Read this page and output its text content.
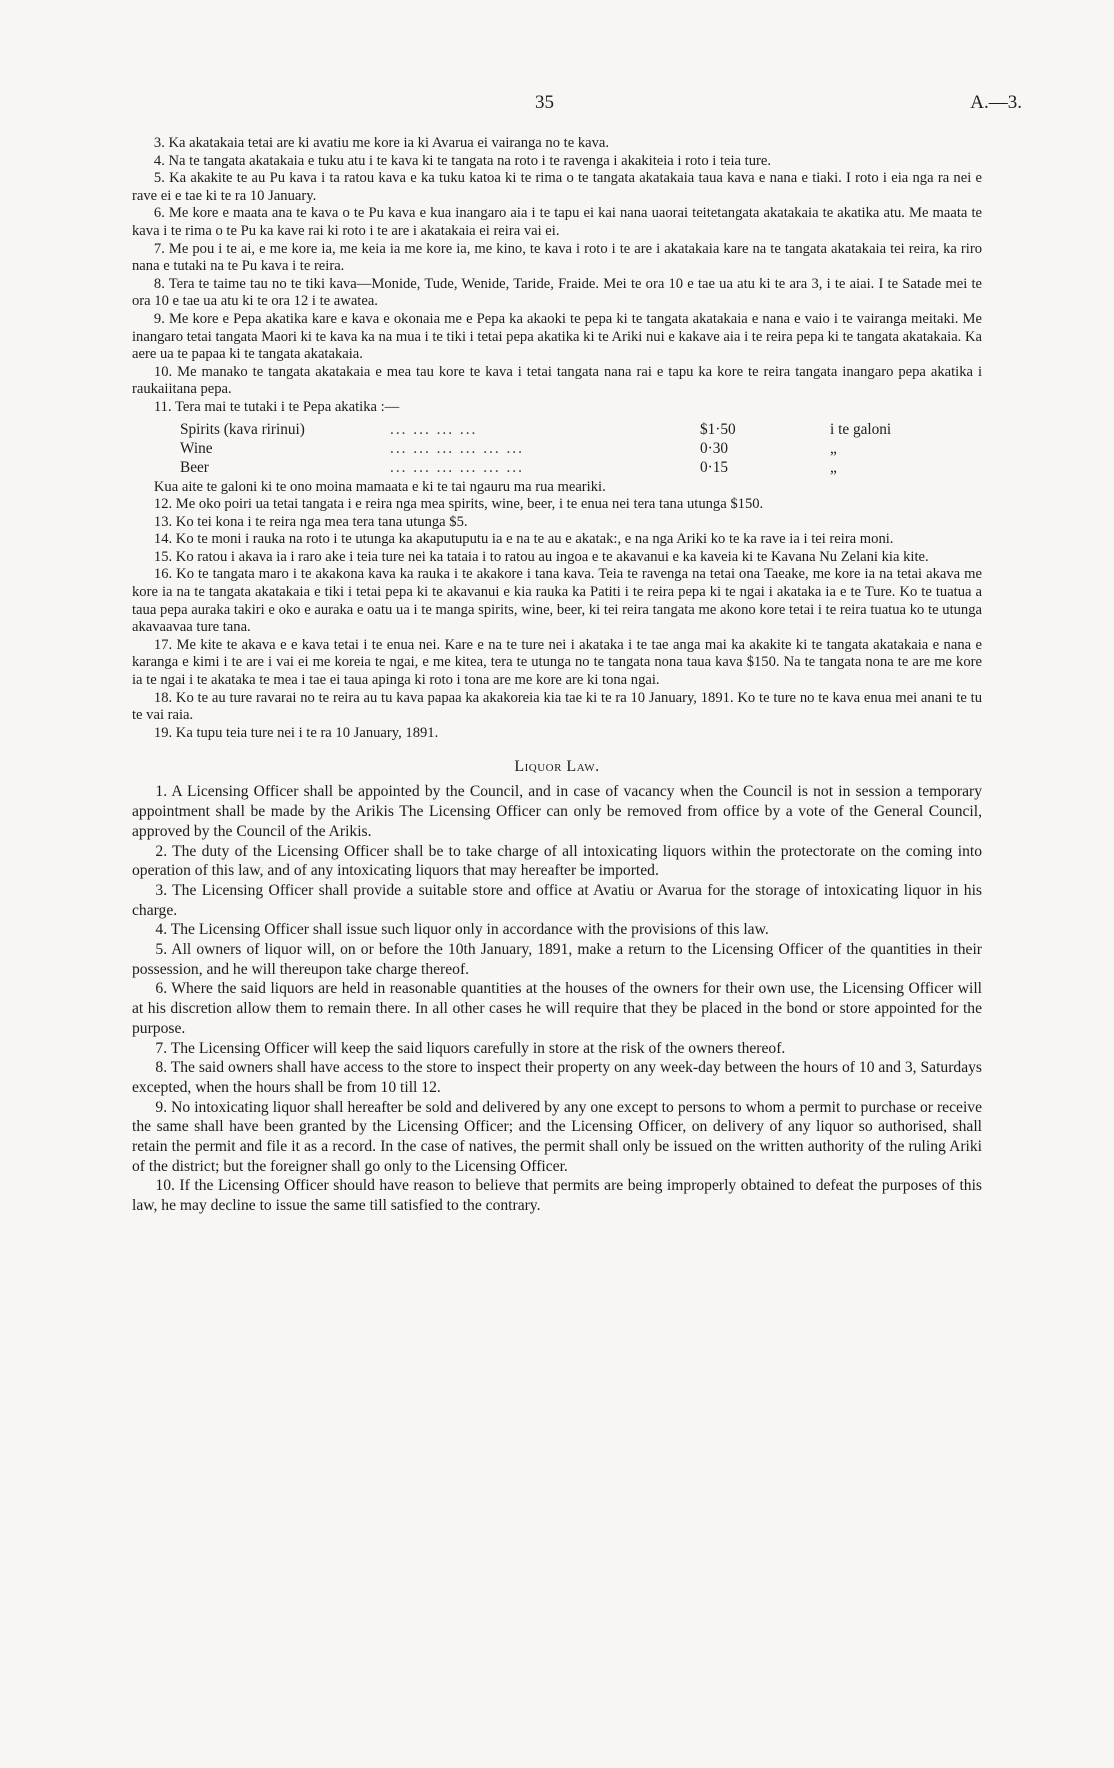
35	A.—3.

3. Ka akatakaia tetai are ki avatiu me kore ia ki Avarua ei vairanga no te kava.

4. Na te tangata akatakaia e tuku atu i te kava ki te tangata na roto i te ravenga i akakiteia i roto i teia ture.

5. Ka akakite te au Pu kava i ta ratou kava e ka tuku katoa ki te rima o te tangata akatakaia taua kava e nana e tiaki. I roto i eia nga ra nei e rave ei e tae ki te ra 10 January.

6. Me kore e maata ana te kava o te Pu kava e kua inangaro aia i te tapu ei kai nana uaorai teitetangata akatakaia te akatika atu. Me maata te kava i te rima o te Pu ka kave rai ki roto i te are i akatakaia ei reira vai ei.

7. Me pou i te ai, e me kore ia, me keia ia me kore ia, me kino, te kava i roto i te are i akatakaia kare na te tangata akatakaia tei reira, ka riro nana e tutaki na te Pu kava i te reira.

8. Tera te taime tau no te tiki kava—Monide, Tude, Wenide, Taride, Fraide. Mei te ora 10 e tae ua atu ki te ara 3, i te aiai. I te Satade mei te ora 10 e tae ua atu ki te ora 12 i te awatea.

9. Me kore e Pepa akatika kare e kava e okonaia me e Pepa ka akaoki te pepa ki te tangata akatakaia e nana e vaio i te vairanga meitaki. Me inangaro tetai tangata Maori ki te kava ka na mua i te tiki i tetai pepa akatika ki te Ariki nui e kakave aia i te reira pepa ki te tangata akatakaia. Ka aere ua te papaa ki te tangata akatakaia.

10. Me manako te tangata akatakaia e mea tau kore te kava i tetai tangata nana rai e tapu ka kore te reira tangata inangaro pepa akatika i raukaiitana pepa.

11. Tera mai te tutaki i te Pepa akatika :—

Spirits (kava ririnui)	... ... ... ...	$1·50	i te galoni
Wine	... ... ... ... ... ...	0·30	„
Beer	... ... ... ... ... ...	0·15	„

Kua aite te galoni ki te ono moina mamaata e ki te tai ngauru ma rua meariki.

12. Me oko poiri ua tetai tangata i e reira nga mea spirits, wine, beer, i te enua nei tera tana utunga $150.

13. Ko tei kona i te reira nga mea tera tana utunga $5.

14. Ko te moni i rauka na roto i te utunga ka akaputuputu ia e na te au e akatak:, e na nga Ariki ko te ka rave ia i tei reira moni.

15. Ko ratou i akava ia i raro ake i teia ture nei ka tataia i to ratou au ingoa e te akavanui e ka kaveia ki te Kavana Nu Zelani kia kite.

16. Ko te tangata maro i te akakona kava ka rauka i te akakore i tana kava. Teia te ravenga na tetai ona Taeake, me kore ia na tetai akava me kore ia na te tangata akatakaia e tiki i tetai pepa ki te akavanui e kia rauka ka Patiti i te reira pepa ki te ngai i akataka ia e te Ture. Ko te tuatua a taua pepa auraka takiri e oko e auraka e oatu ua i te manga spirits, wine, beer, ki tei reira tangata me akono kore tetai i te reira tuatua ko te utunga akavaavaa ture tana.

17. Me kite te akava e e kava tetai i te enua nei. Kare e na te ture nei i akataka i te tae anga mai ka akakite ki te tangata akatakaia e nana e karanga e kimi i te are i vai ei me koreia te ngai, e me kitea, tera te utunga no te tangata nona taua kava $150. Na te tangata nona te are me kore ia te ngai i te akataka te mea i tae ei taua apinga ki roto i tona are me kore are ki tona ngai.

18. Ko te au ture ravarai no te reira au tu kava papaa ka akakoreia kia tae ki te ra 10 January, 1891. Ko te ture no te kava enua mei anani te tu te vai raia.

19. Ka tupu teia ture nei i te ra 10 January, 1891.

Liquor Law.

1. A Licensing Officer shall be appointed by the Council, and in case of vacancy when the Council is not in session a temporary appointment shall be made by the Arikis The Licensing Officer can only be removed from office by a vote of the General Council, approved by the Council of the Arikis.

2. The duty of the Licensing Officer shall be to take charge of all intoxicating liquors within the protectorate on the coming into operation of this law, and of any intoxicating liquors that may hereafter be imported.

3. The Licensing Officer shall provide a suitable store and office at Avatiu or Avarua for the storage of intoxicating liquor in his charge.

4. The Licensing Officer shall issue such liquor only in accordance with the provisions of this law.

5. All owners of liquor will, on or before the 10th January, 1891, make a return to the Licensing Officer of the quantities in their possession, and he will thereupon take charge thereof.

6. Where the said liquors are held in reasonable quantities at the houses of the owners for their own use, the Licensing Officer will at his discretion allow them to remain there. In all other cases he will require that they be placed in the bond or store appointed for the purpose.

7. The Licensing Officer will keep the said liquors carefully in store at the risk of the owners thereof.

8. The said owners shall have access to the store to inspect their property on any week-day between the hours of 10 and 3, Saturdays excepted, when the hours shall be from 10 till 12.

9. No intoxicating liquor shall hereafter be sold and delivered by any one except to persons to whom a permit to purchase or receive the same shall have been granted by the Licensing Officer; and the Licensing Officer, on delivery of any liquor so authorised, shall retain the permit and file it as a record. In the case of natives, the permit shall only be issued on the written authority of the ruling Ariki of the district; but the foreigner shall go only to the Licensing Officer.

10. If the Licensing Officer should have reason to believe that permits are being improperly obtained to defeat the purposes of this law, he may decline to issue the same till satisfied to the contrary.
